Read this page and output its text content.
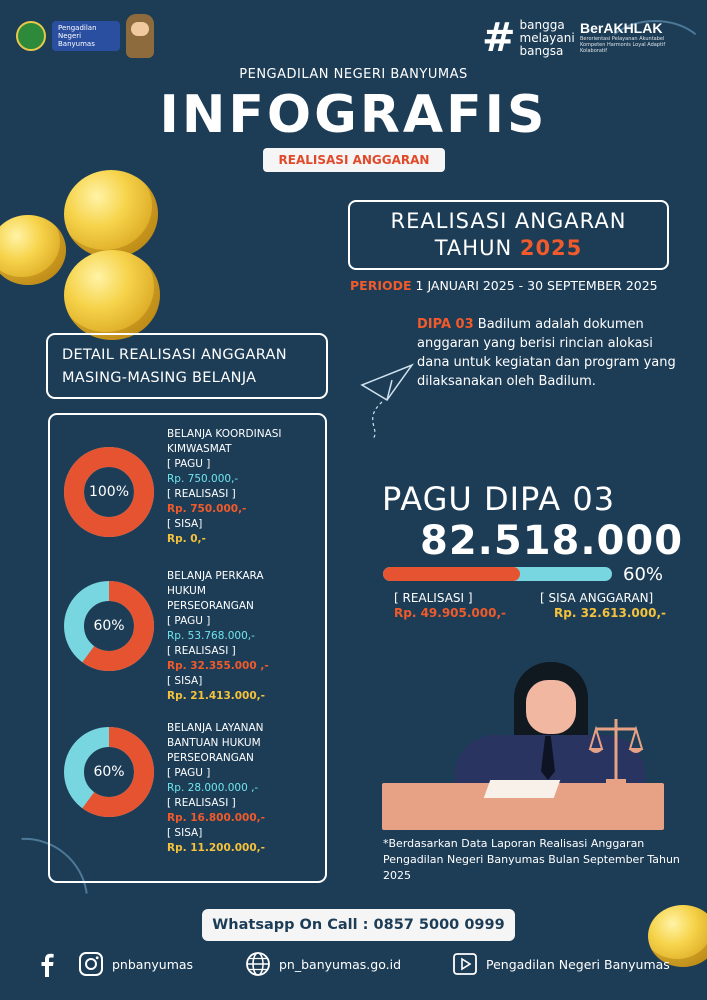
Pengadilan Negeri Banyumas	# bangga
melayani
bangsa
BerAKHLAK
Berorientasi Pelayanan Akuntabel Kompeten Harmonis Loyal Adaptif Kolaboratif
PENGADILAN NEGERI BANYUMAS
INFOGRAFIS
REALISASI ANGGARAN
REALISASI ANGARAN
TAHUN 2025
PERIODE 1 JANUARI 2025 - 30 SEPTEMBER 2025
DIPA 03 Badilum adalah dokumen anggaran yang berisi rincian alokasi dana untuk kegiatan dan program yang dilaksanakan oleh Badilum.
DETAIL REALISASI ANGGARAN
MASING-MASING BELANJA
100%
BELANJA KOORDINASI
KIMWASMAT
[ PAGU ]
Rp. 750.000,-
[ REALISASI ]
Rp. 750.000,-
[ SISA]
Rp. 0,-
60%
BELANJA PERKARA
HUKUM
PERSEORANGAN
[ PAGU ]
Rp. 53.768.000,-
[ REALISASI ]
Rp. 32.355.000 ,-
[ SISA]
Rp. 21.413.000,-
60%
BELANJA LAYANAN
BANTUAN HUKUM
PERSEORANGAN
[ PAGU ]
Rp. 28.000.000 ,-
[ REALISASI ]
Rp. 16.800.000,-
[ SISA]
Rp. 11.200.000,-
PAGU DIPA 03
82.518.000
60%
[ REALISASI ]
Rp. 49.905.000,-
[ SISA ANGGARAN]
Rp. 32.613.000,-
*Berdasarkan Data Laporan Realisasi Anggaran Pengadilan Negeri Banyumas Bulan September Tahun 2025
Whatsapp On Call : 0857 5000 0999
pnbanyumas	pn_banyumas.go.id	Pengadilan Negeri Banyumas
